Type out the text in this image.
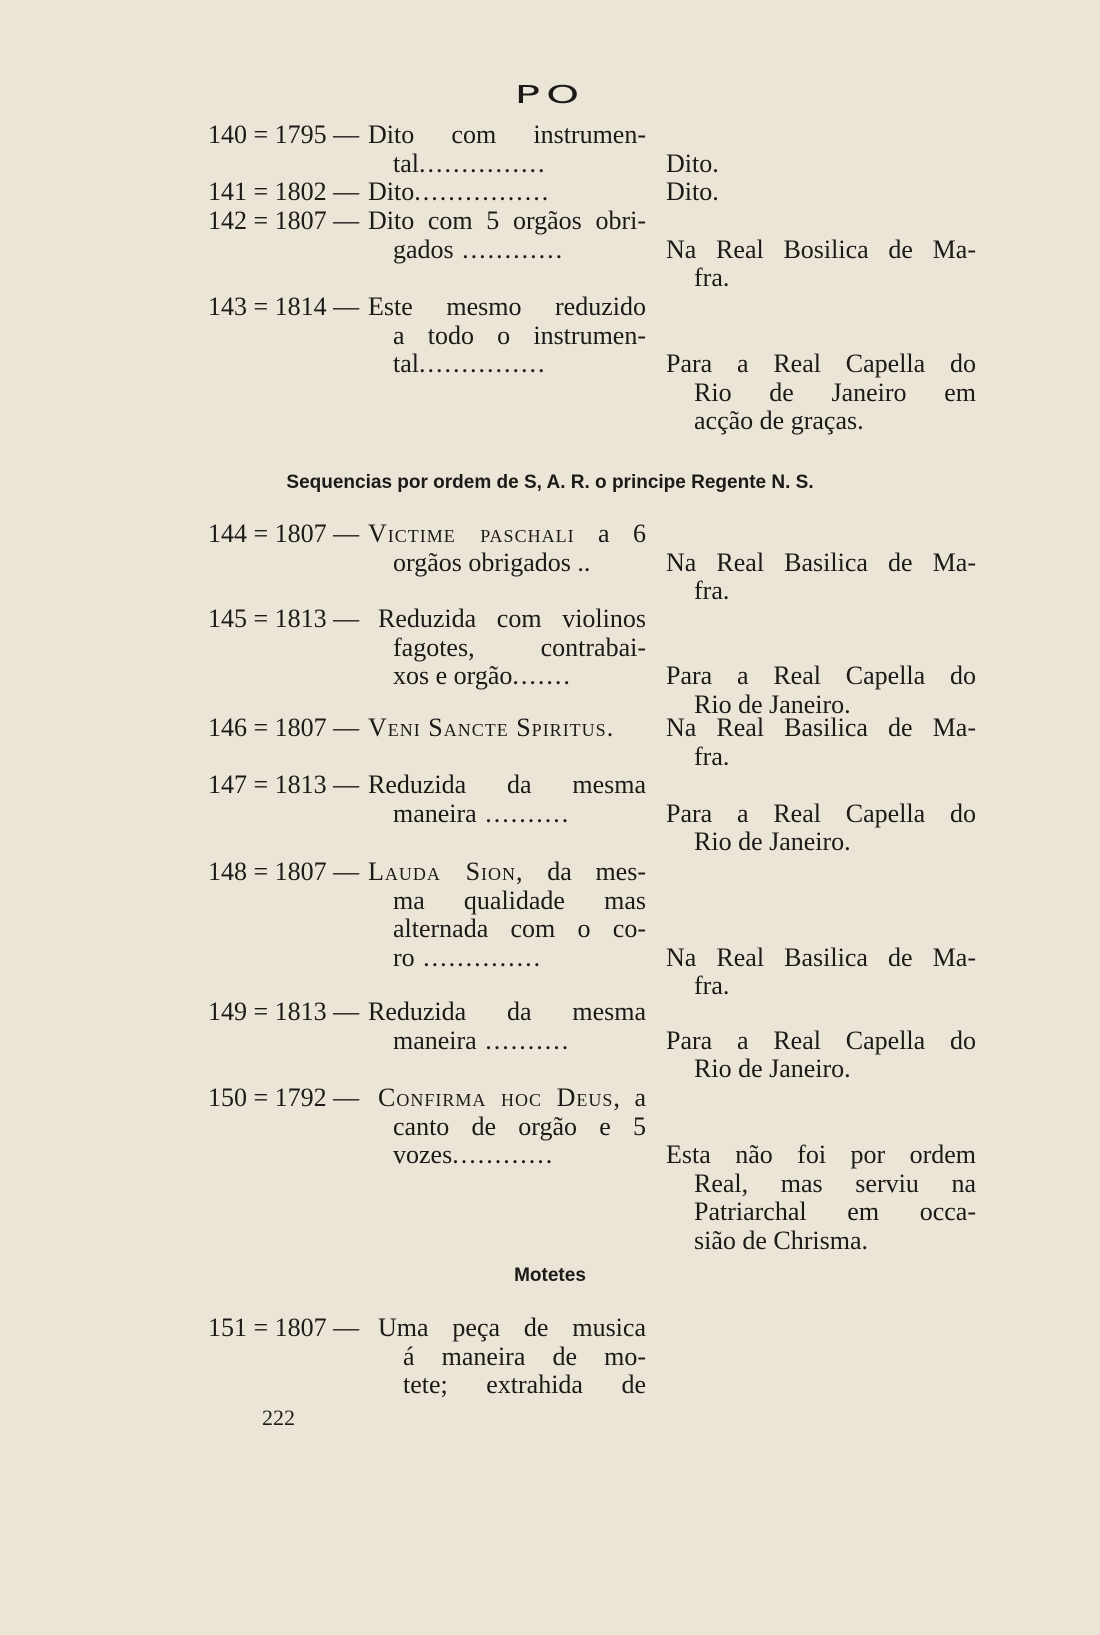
PO
140 = 1795 — Dito com instrumen-
tal...............	Dito.
141 = 1802 — Dito................	Dito.
142 = 1807 — Dito com 5 orgãos obri-
gados ............	Na Real Bosilica de Ma-
fra.
143 = 1814 — Este mesmo reduzido
a todo o instrumen-
tal...............	Para a Real Capella do
Rio de Janeiro em
acção de graças.
Sequencias por ordem de S, A. R. o principe Regente N. S.
144 = 1807 — Victime paschali a 6
orgãos obrigados ..	Na Real Basilica de Ma-
fra.
145 = 1813 — Reduzida com violinos
fagotes, contrabai-
xos e orgão.......	Para a Real Capella do
Rio de Janeiro.
146 = 1807 — Veni Sancte Spiritus.	Na Real Basilica de Ma-
fra.
147 = 1813 — Reduzida da mesma
maneira ..........	Para a Real Capella do
Rio de Janeiro.
148 = 1807 — Lauda Sion, da mes-
ma qualidade mas
alternada com o co-
ro ..............	Na Real Basilica de Ma-
fra.
149 = 1813 — Reduzida da mesma
maneira ..........	Para a Real Capella do
Rio de Janeiro.
150 = 1792 — Confirma hoc Deus, a
canto de orgão e 5
vozes............	Esta não foi por ordem
Real, mas serviu na
Patriarchal em occa-
sião de Chrisma.
Motetes
151 = 1807 — Uma peça de musica
á maneira de mo-
tete; extrahida de
222
